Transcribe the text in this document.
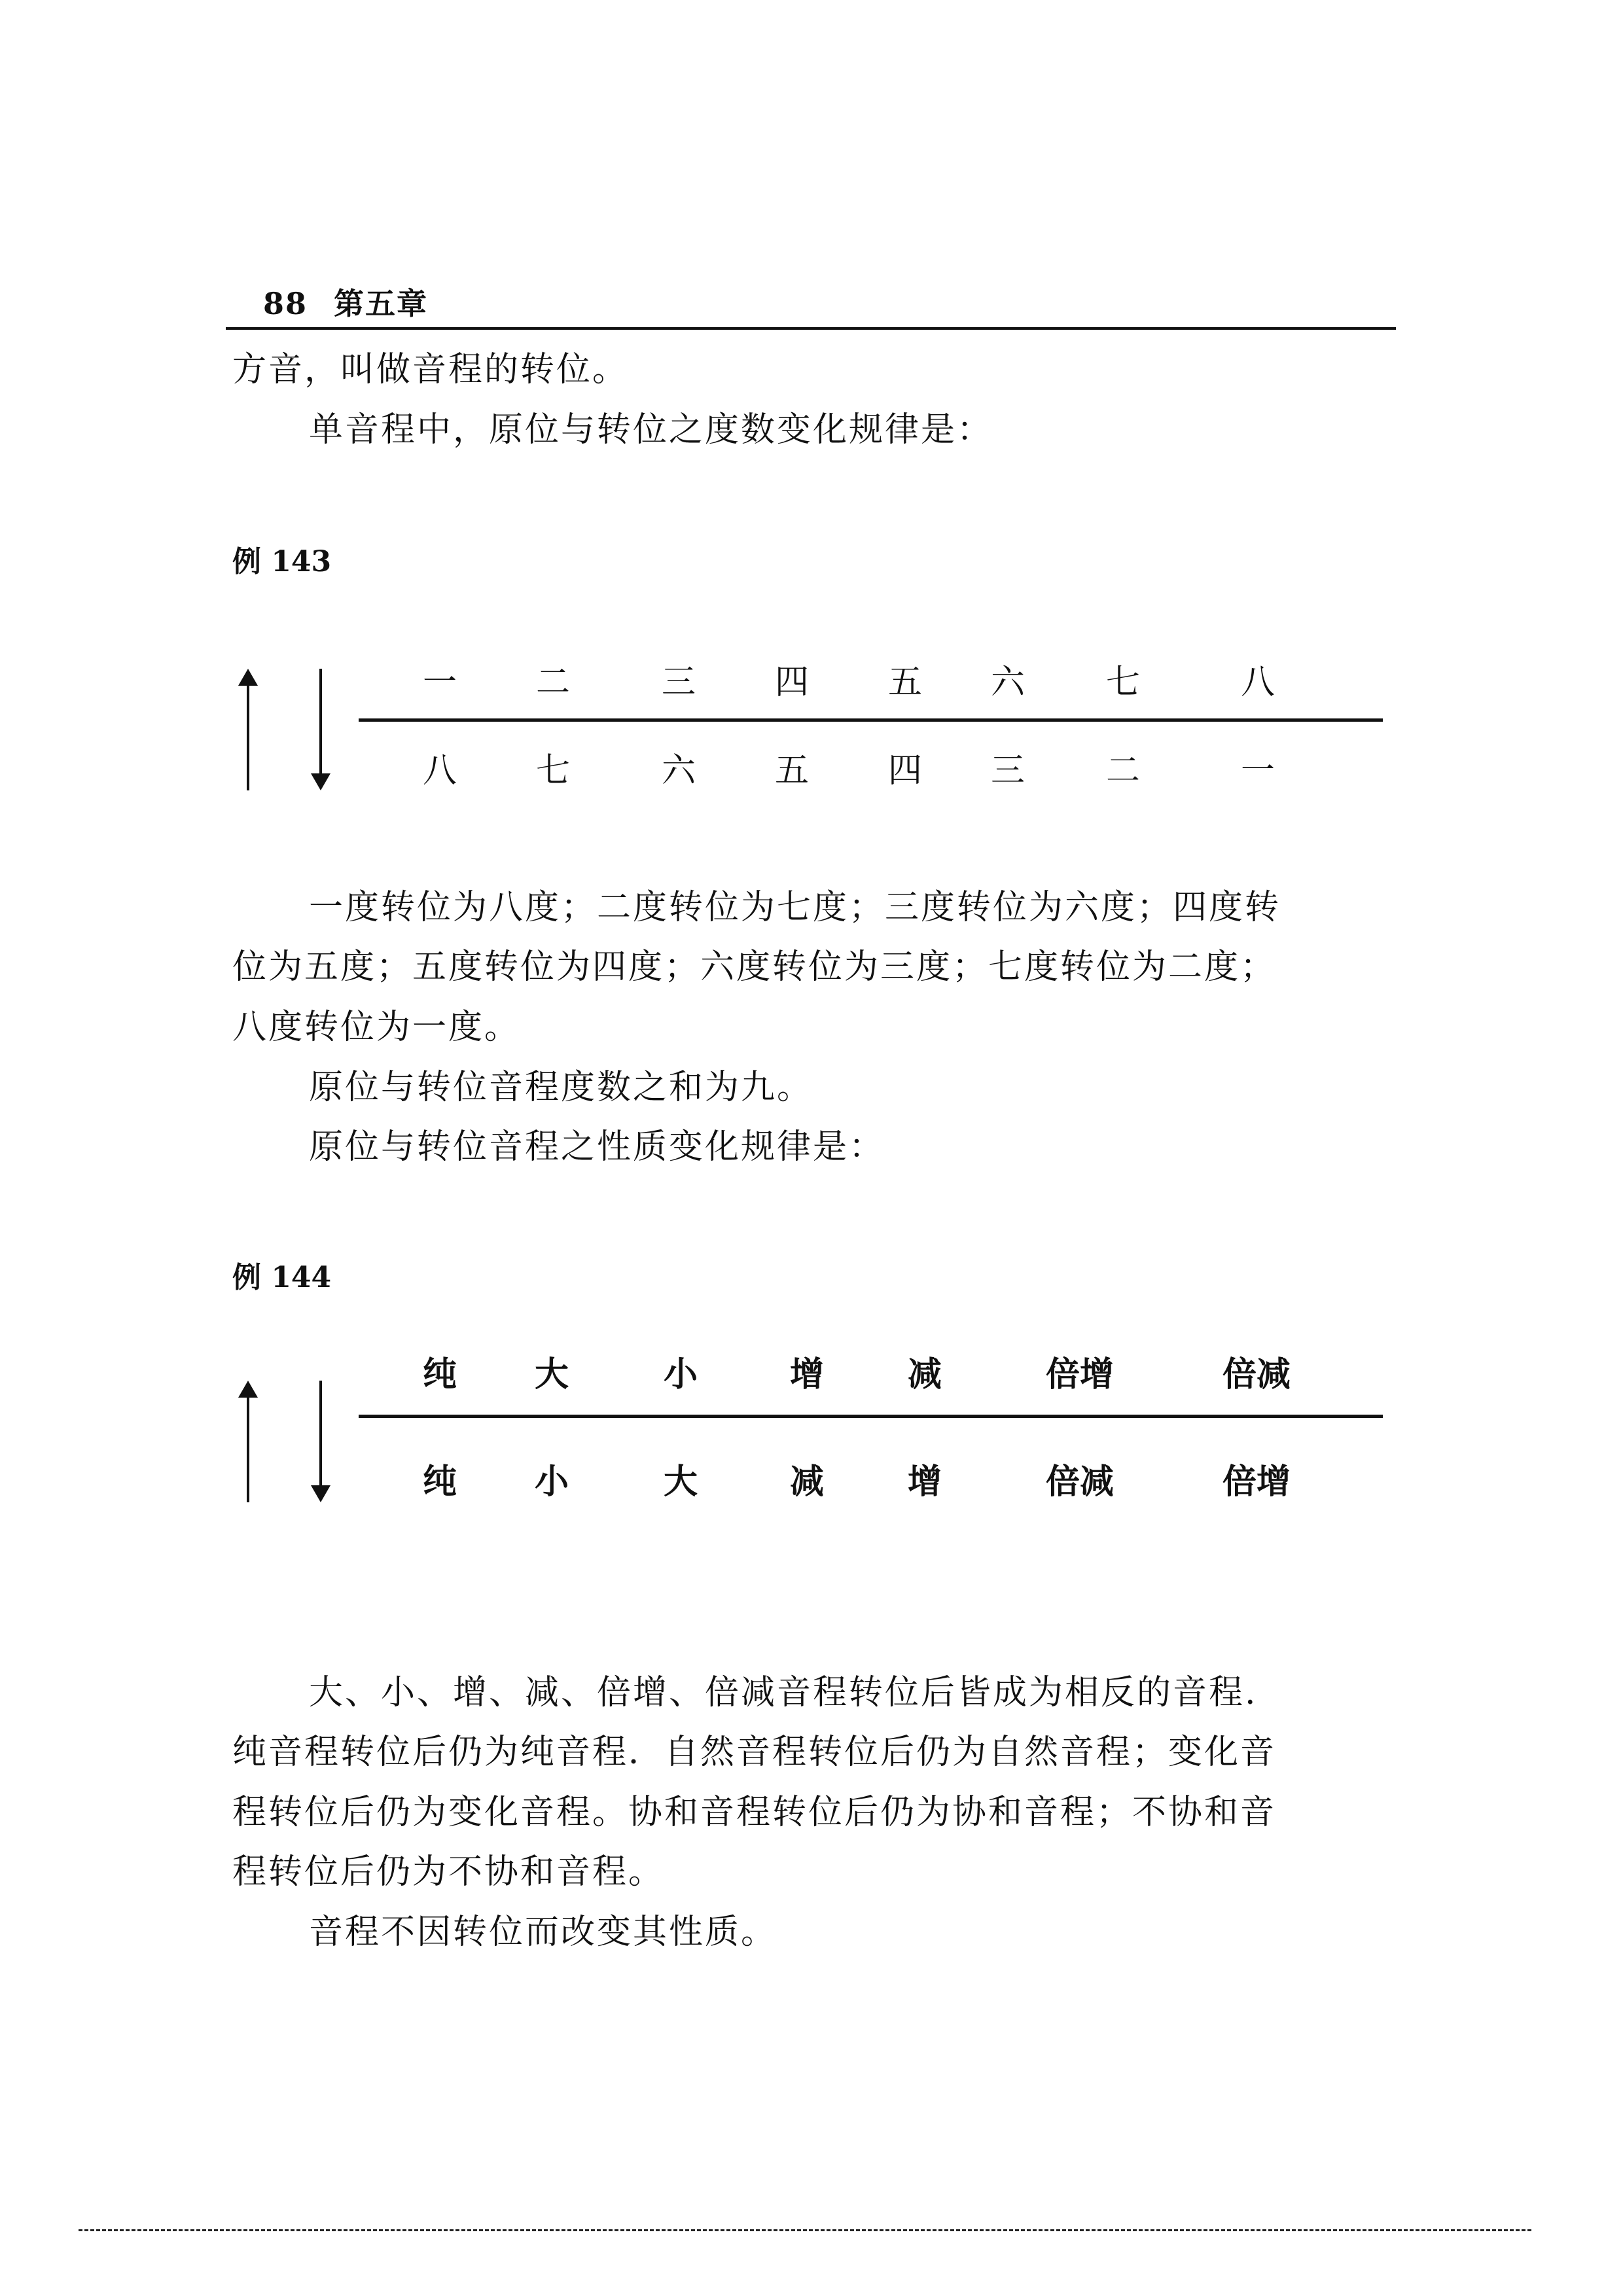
88 第五章
方音，叫做音程的转位。
单音程中，原位与转位之度数变化规律是：
例 143
一 二	三 四 五 六 七	八
八 七	六 五 四 三 二	一
一度转位为八度；二度转位为七度；三度转位为六度；四度转
位为五度；五度转位为四度；六度转位为三度；七度转位为二度；
八度转位为一度。
原位与转位音程度数之和为九。
原位与转位音程之性质变化规律是：
例 144
纯 大	小	增 减	倍增	倍减
纯 小	大	减 增	倍减	倍增
大、小、增、减、倍增、倍减音程转位后皆成为相反的音程.
纯音程转位后仍为纯音程．自然音程转位后仍为自然音程；变化音
程转位后仍为变化音程。协和音程转位后仍为协和音程；不协和音
程转位后仍为不协和音程。
音程不因转位而改变其性质。
